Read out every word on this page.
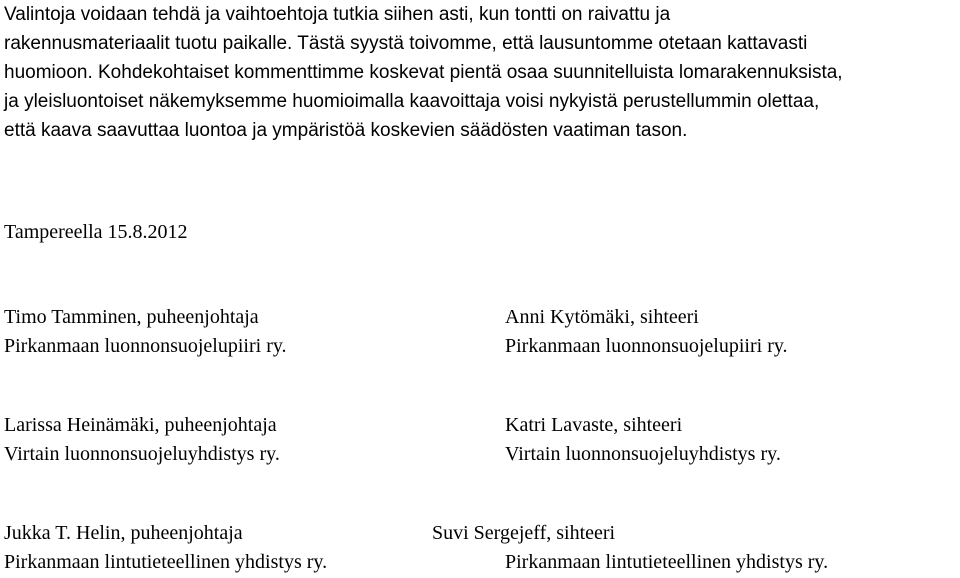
Valintoja voidaan tehdä ja vaihtoehtoja tutkia siihen asti, kun tontti on raivattu ja
rakennusmateriaalit tuotu paikalle. Tästä syystä toivomme, että lausuntomme otetaan kattavasti
huomioon. Kohdekohtaiset kommenttimme koskevat pientä osaa suunnitelluista lomarakennuksista,
ja yleisluontoiset näkemyksemme huomioimalla kaavoittaja voisi nykyistä perustellummin olettaa,
että kaava saavuttaa luontoa ja ympäristöä koskevien säädösten vaatiman tason.
Tampereella 15.8.2012
Timo Tamminen, puheenjohtaja
Pirkanmaan luonnonsuojelupiiri ry.
Anni Kytömäki, sihteeri
Pirkanmaan luonnonsuojelupiiri ry.
Larissa Heinämäki, puheenjohtaja
Virtain luonnonsuojeluyhdistys ry.
Katri Lavaste, sihteeri
Virtain luonnonsuojeluyhdistys ry.
Jukka T. Helin, puheenjohtaja
Pirkanmaan lintutieteellinen yhdistys ry.
Suvi Sergejeff, sihteeri
Pirkanmaan lintutieteellinen yhdistys ry.
